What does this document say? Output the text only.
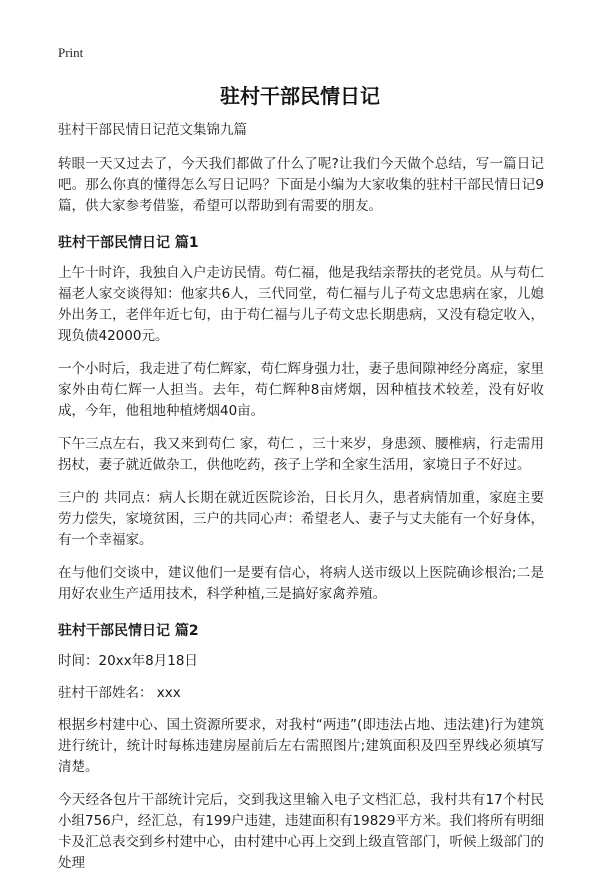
Print
驻村干部民情日记

驻村干部民情日记范文集锦九篇

转眼一天又过去了，今天我们都做了什么了呢?让我们今天做个总结，写一篇日记吧。那么你真的懂得怎么写日记吗？下面是小编为大家收集的驻村干部民情日记9篇，供大家参考借鉴，希望可以帮助到有需要的朋友。

驻村干部民情日记 篇1

上午十时许，我独自入户走访民情。苟仁福，他是我结亲帮扶的老党员。从与苟仁福老人家交谈得知：他家共6人，三代同堂，苟仁福与儿子苟文忠患病在家，儿媳外出务工，老伴年近七旬，由于苟仁福与儿子苟文忠长期患病，又没有稳定收入，现负债42000元。

一个小时后，我走进了苟仁辉家，苟仁辉身强力壮，妻子患间隙神经分离症，家里家外由苟仁辉一人担当。去年，苟仁辉种8亩烤烟，因种植技术较差，没有好收成，今年，他租地种植烤烟40亩。

下午三点左右，我又来到苟仁 家，苟仁 ，三十来岁，身患颈、腰椎病，行走需用拐杖，妻子就近做杂工，供他吃药，孩子上学和全家生活用，家境日子不好过。

三户的 共同点：病人长期在就近医院诊治，日长月久，患者病情加重，家庭主要劳力偿失，家境贫困，三户的共同心声：希望老人、妻子与丈夫能有一个好身体，有一个幸福家。

在与他们交谈中，建议他们一是要有信心，将病人送市级以上医院确诊根治;二是用好农业生产适用技术，科学种植,三是搞好家禽养殖。

驻村干部民情日记 篇2

时间：20xx年8月18日

驻村干部姓名： xxx

根据乡村建中心、国土资源所要求，对我村“两违”(即违法占地、违法建)行为建筑进行统计，统计时每栋违建房屋前后左右需照图片;建筑面积及四至界线必须填写清楚。

今天经各包片干部统计完后，交到我这里输入电子文档汇总，我村共有17个村民小组756户，经汇总，有199户违建，违建面积有19829平方米。我们将所有明细卡及汇总表交到乡村建中心，由村建中心再上交到上级直管部门，听候上级部门的处理
